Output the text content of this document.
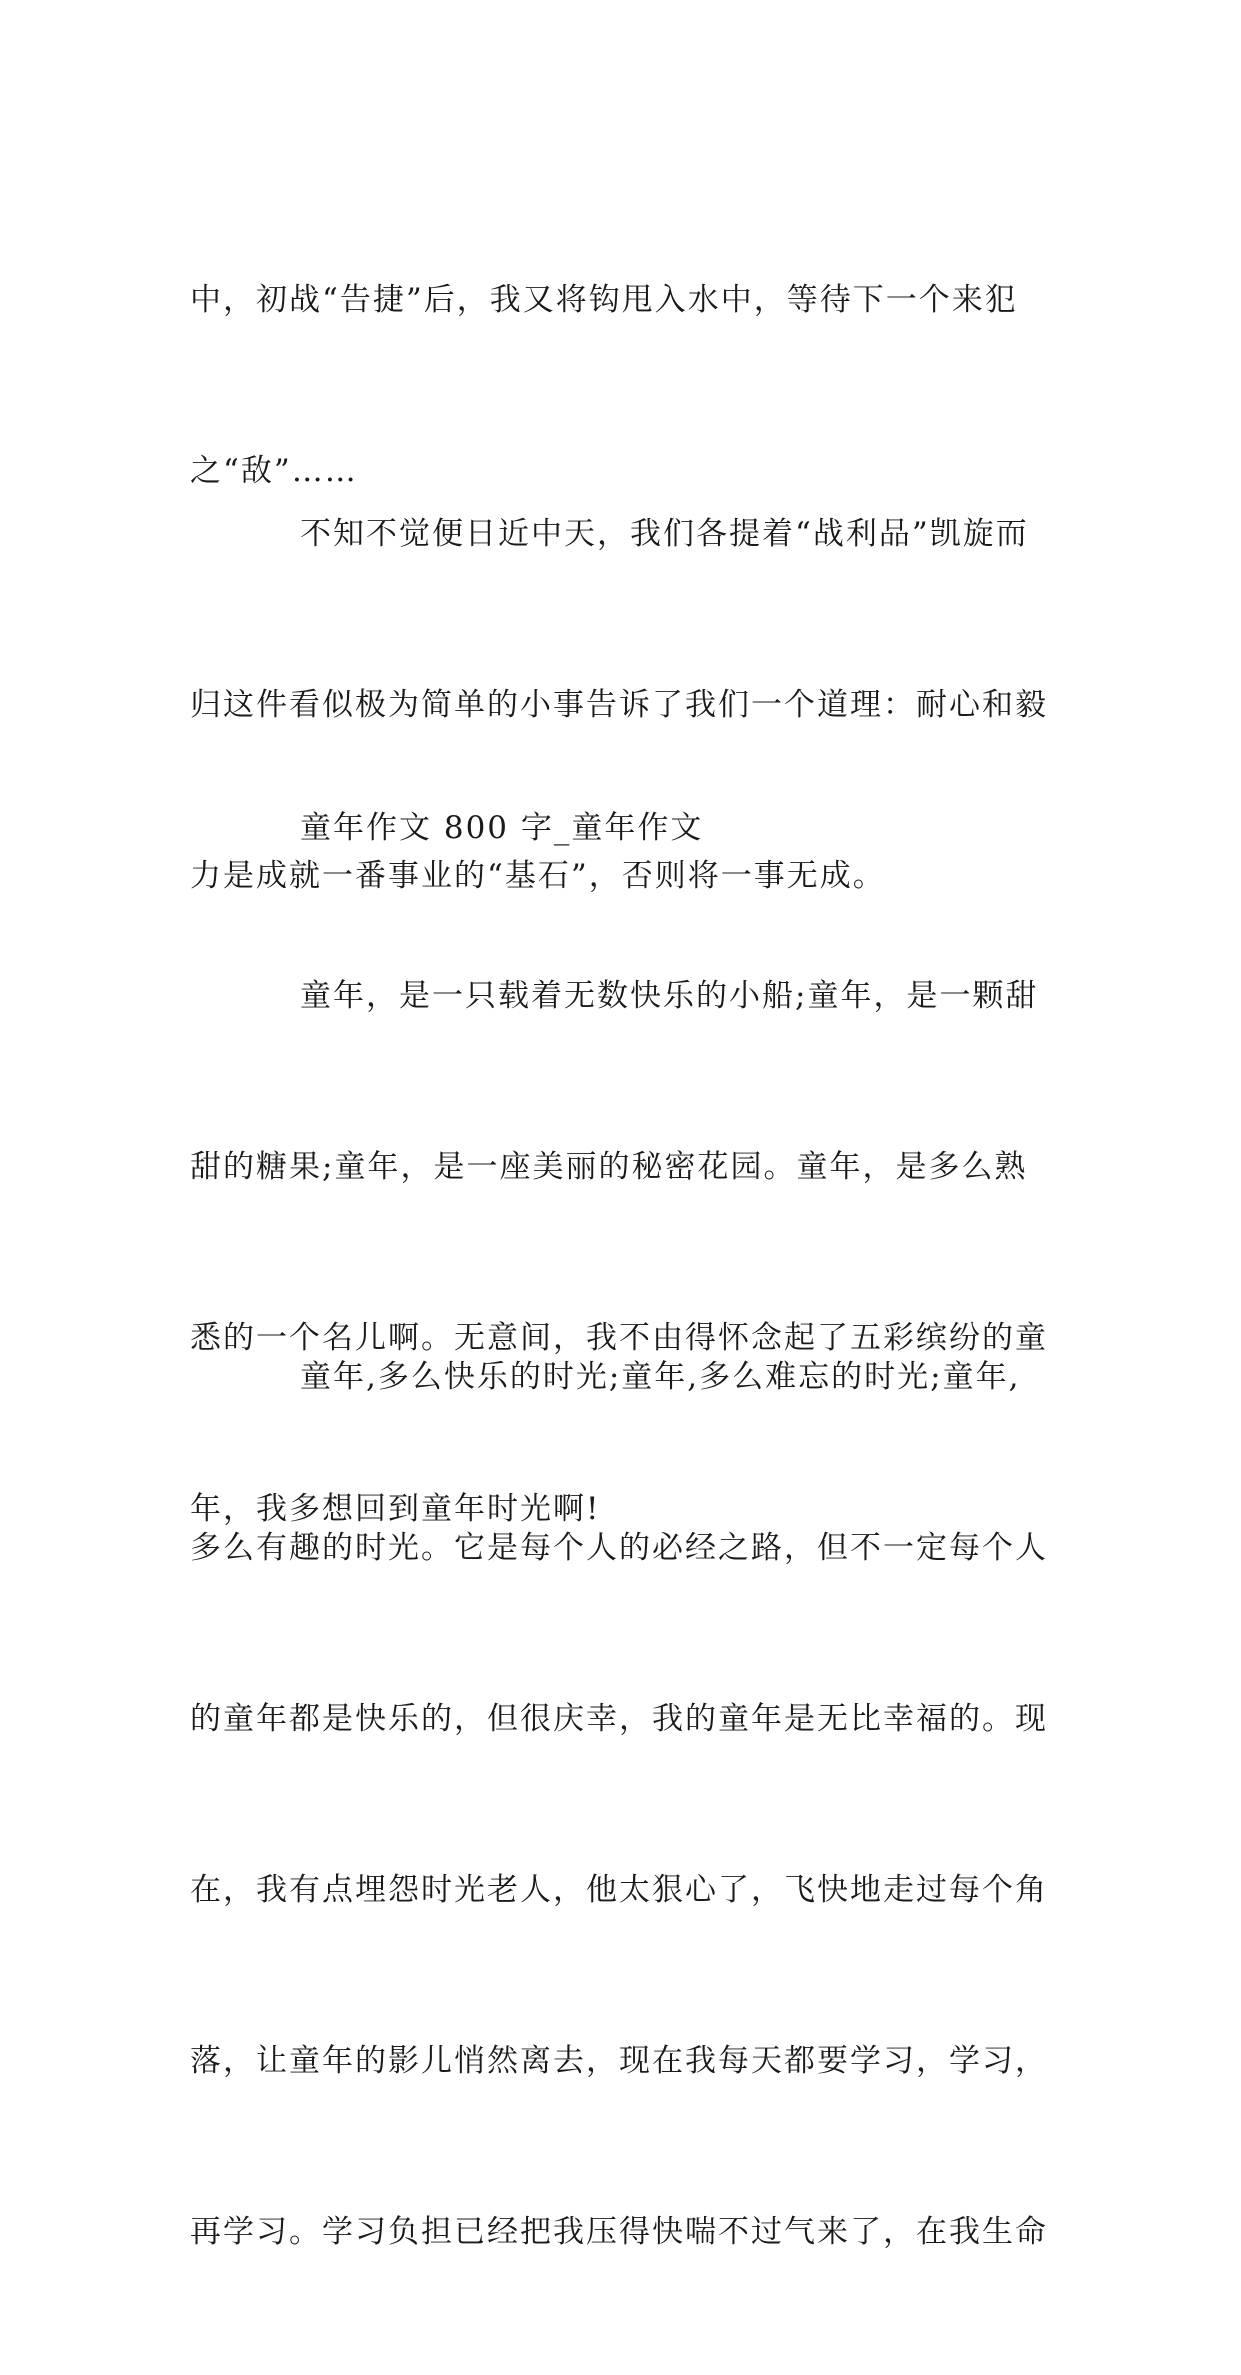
中，初战“告捷”后，我又将钩甩入水中，等待下一个来犯

之“敌”……

不知不觉便日近中天，我们各提着“战利品”凯旋而

归这件看似极为简单的小事告诉了我们一个道理：耐心和毅

力是成就一番事业的“基石”，否则将一事无成。

童年作文 800 字_童年作文

童年，是一只载着无数快乐的小船;童年，是一颗甜

甜的糖果;童年，是一座美丽的秘密花园。童年，是多么熟

悉的一个名儿啊。无意间，我不由得怀念起了五彩缤纷的童

年，我多想回到童年时光啊!

童年,多么快乐的时光;童年,多么难忘的时光;童年,

多么有趣的时光。它是每个人的必经之路，但不一定每个人

的童年都是快乐的，但很庆幸，我的童年是无比幸福的。现

在，我有点埋怨时光老人，他太狠心了，飞快地走过每个角

落，让童年的影儿悄然离去，现在我每天都要学习，学习，

再学习。学习负担已经把我压得快喘不过气来了，在我生命
